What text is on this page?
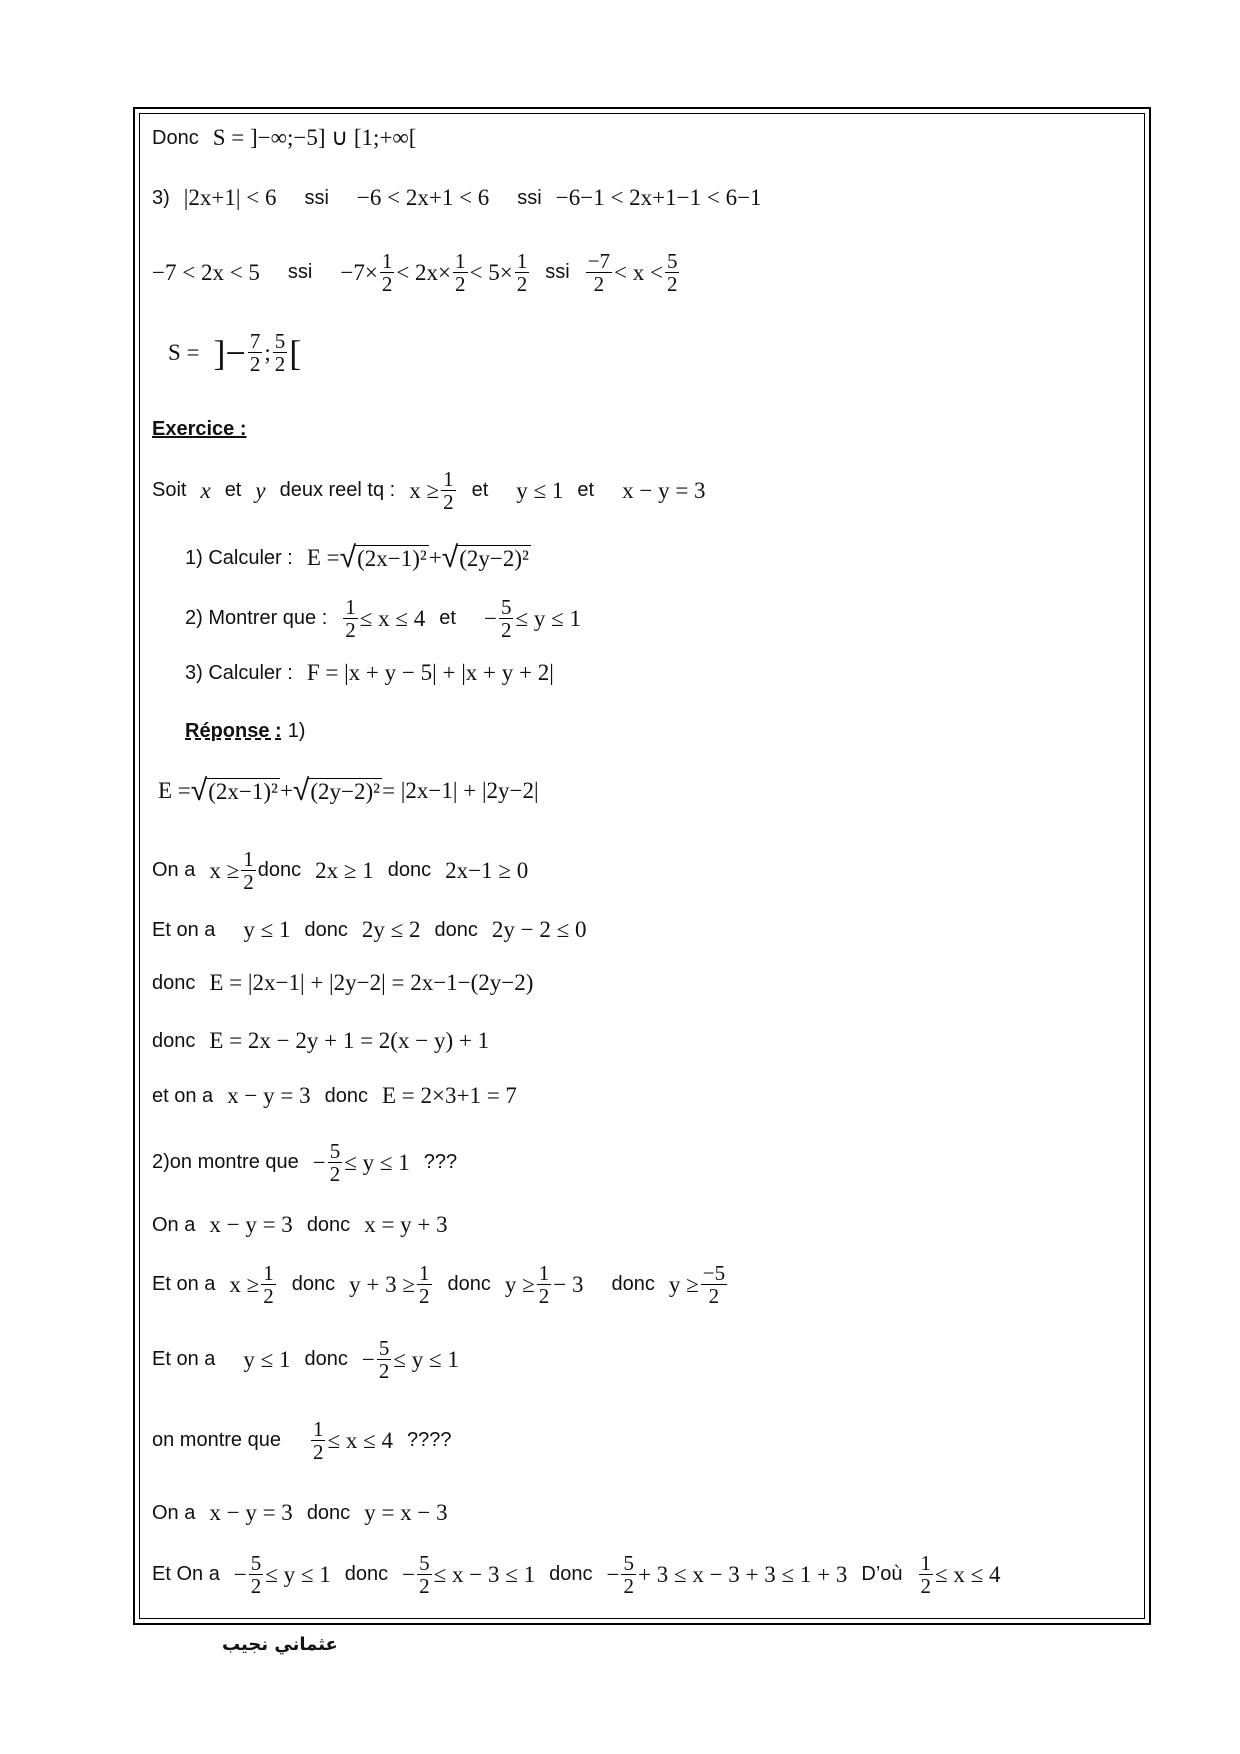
Donc S = ]−∞;−5] ∪ [1;+∞[
3) |2x+1| < 6 ssi −6 < 2x+1 < 6 ssi −6−1 < 2x+1−1 < 6−1
−7 < 2x < 5 ssi $-7\times \frac{1}{2} < 2x\times \frac{1}{2} < 5\times \frac{1}{2}$ ssi $\frac{-7}{2} < x < \frac{5}{2}$
S = ]− $\frac{7}{2}$ ; $\frac{5}{2}$ [
Exercice :
Soit x et y deux reel tq : $x \ge \frac{1}{2}$ et y ≤ 1 et x − y = 3
1) Calculer : E = √ (2x−1)² + √ (2y−2)²
2) Montrer que : $\frac{1}{2} \le x \le 4$ et − $\frac{5}{2} \le y \le 1$
3) Calculer : F = |x + y − 5| + |x + y + 2|
Réponse : 1)
E = √ (2x−1)² + √ (2y−2)² = |2x−1| + |2y−2|
On a $x \ge \frac{1}{2}$ donc 2x ≥ 1 donc 2x−1 ≥ 0
Et on a y ≤ 1 donc 2y ≤ 2 donc 2y − 2 ≤ 0
donc E = |2x−1| + |2y−2| = 2x−1−(2y−2)
donc E = 2x − 2y + 1 = 2(x − y) + 1
et on a x − y = 3 donc E = 2×3+1 = 7
2)on montre que − $\frac{5}{2} \le y \le 1$ ???
On a x − y = 3 donc x = y + 3
Et on a $x \ge \frac{1}{2}$ donc $y + 3 \ge \frac{1}{2}$ donc $y \ge \frac{1}{2} - 3$ donc $y \ge \frac{-5}{2}$
Et on a y ≤ 1 donc − $\frac{5}{2} \le y \le 1$
on montre que $\frac{1}{2} \le x \le 4$ ????
On a x − y = 3 donc y = x − 3
Et On $a - \frac{5}{2} \le y \le 1$ donc − $\frac{5}{2} \le x - 3 \le 1$ donc − $\frac{5}{2} + 3 \le x - 3 + 3 \le 1 + 3$ D’où $\frac{1}{2} \le x \le 4$
عثماني نجيب
